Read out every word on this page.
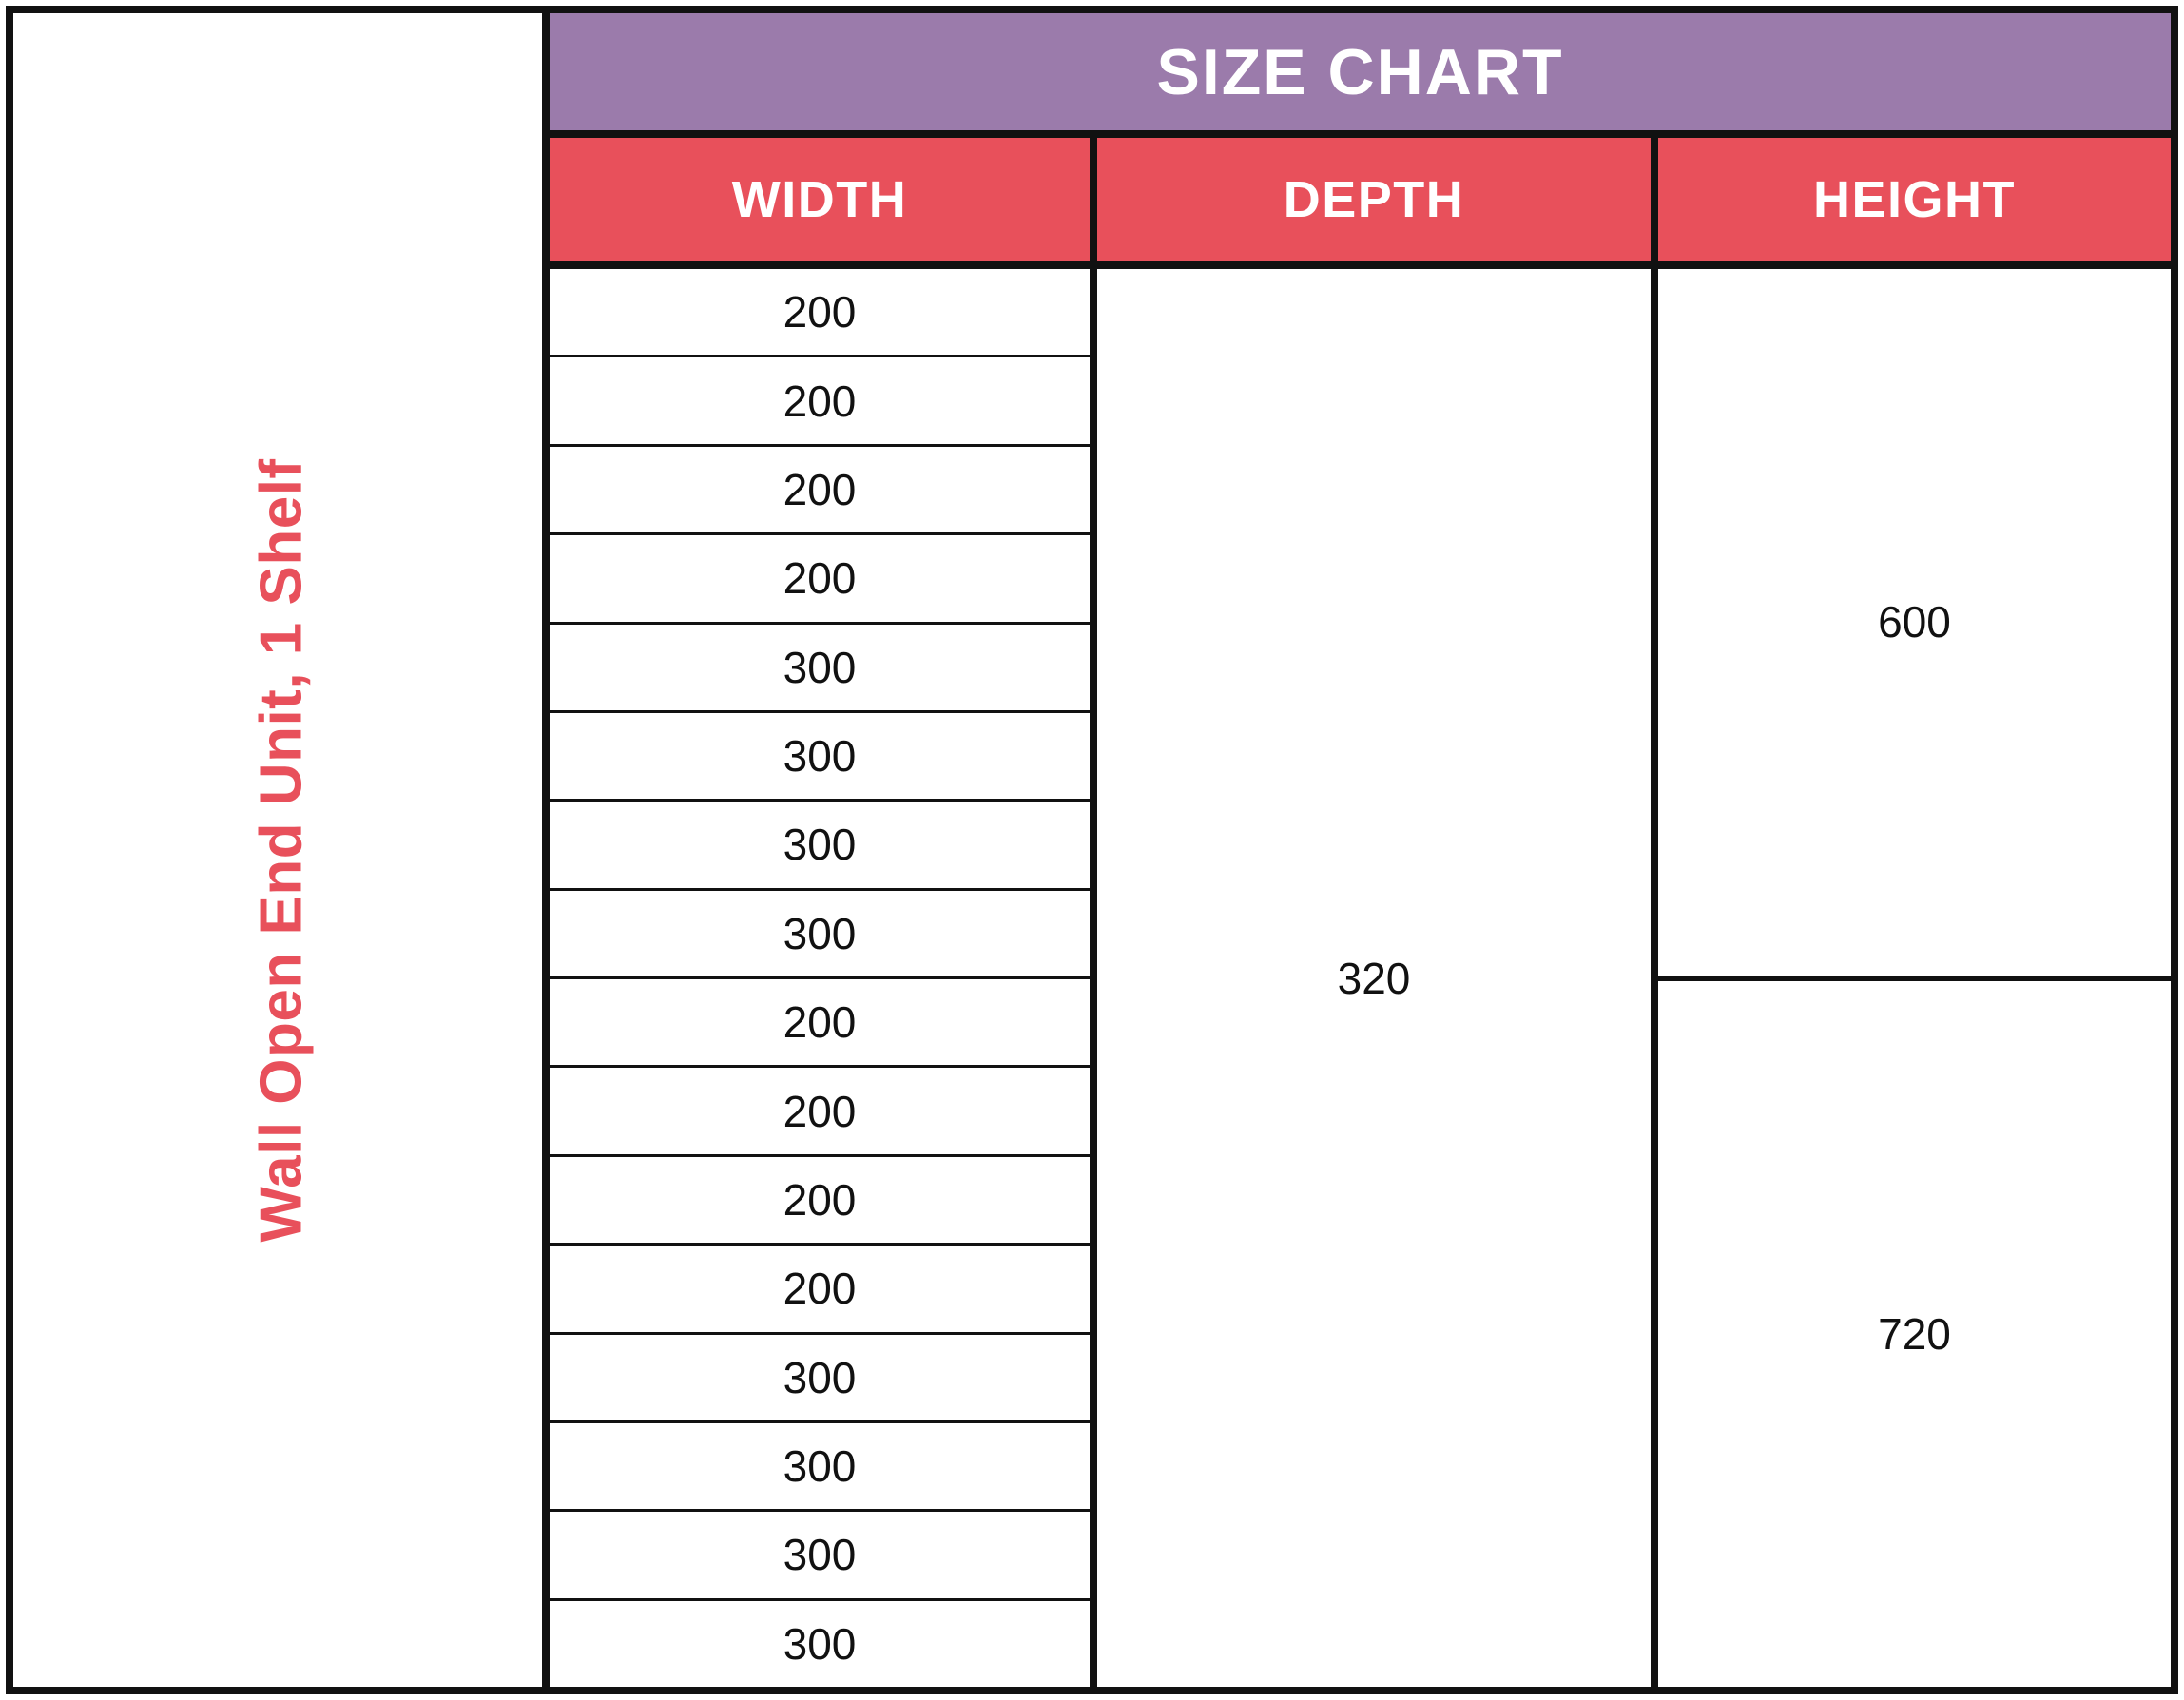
Wall Open End Unit, 1 Shelf
SIZE CHART
WIDTH	DEPTH	HEIGHT
200
200
200
200
300
300
300
300
200
200
200
200
300
300
300
300
320
600
720
